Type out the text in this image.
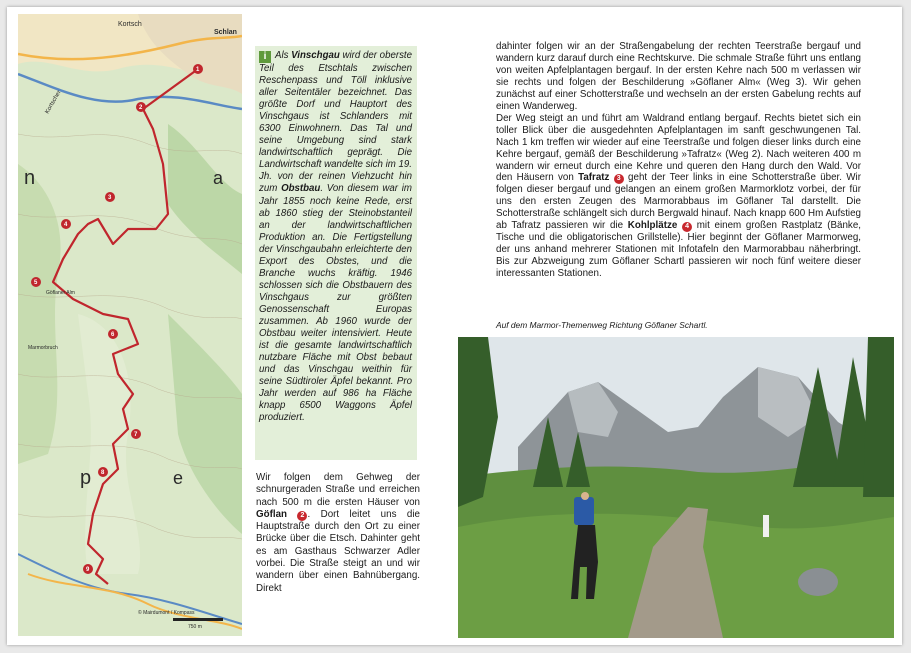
1
2
3
4
5
6
7
8
9
Kortsch
Schlan
Kortscher
Göflaner Alm
Marmorbruch
n
p	e
a
© Mairdumont / Kompass
750 m

i Als Vinschgau wird der oberste Teil des Etschtals zwischen Reschenpass und Töll inklusive aller Seitentäler bezeichnet. Das größte Dorf und Hauptort des Vinschgaus ist Schlanders mit 6300 Einwohnern. Das Tal und seine Umgebung sind stark landwirtschaftlich geprägt. Die Landwirtschaft wandelte sich im 19. Jh. von der reinen Viehzucht hin zum Obstbau. Von diesem war im Jahr 1855 noch keine Rede, erst ab 1860 stieg der Steinobstanteil an der landwirtschaftlichen Produktion an. Die Fertigstellung der Vinschgaubahn erleichterte den Export des Obstes, und die Branche wuchs kräftig. 1946 schlossen sich die Obstbauern des Vinschgaus zur größten Genossenschaft Europas zusammen. Ab 1960 wurde der Obstbau weiter intensiviert. Heute ist die gesamte landwirtschaftlich nutzbare Fläche mit Obst bebaut und das Vinschgau weithin für seine Südtiroler Äpfel bekannt. Pro Jahr werden auf 986 ha Fläche knapp 6500 Waggons Äpfel produziert.

Wir folgen dem Gehweg der schnurgeraden Straße und erreichen nach 500 m die ersten Häuser von Göflan 2 . Dort leitet uns die Hauptstraße durch den Ort zu einer Brücke über die Etsch. Dahinter geht es am Gasthaus Schwarzer Adler vorbei. Die Straße steigt an und wir wandern über einen Bahnübergang. Direkt

dahinter folgen wir an der Straßengabelung der rechten Teerstraße bergauf und wandern kurz darauf durch eine Rechtskurve. Die schmale Straße führt uns entlang von weiten Apfelplantagen bergauf. In der ersten Kehre nach 500 m verlassen wir sie rechts und folgen der Beschilderung »Göflaner Alm« (Weg 3). Wir gehen zunächst auf einer Schotterstraße und wechseln an der ersten Gabelung rechts auf einen Wanderweg.
Der Weg steigt an und führt am Waldrand entlang bergauf. Rechts bietet sich ein toller Blick über die ausgedehnten Apfelplantagen im sanft geschwungenen Tal. Nach 1 km treffen wir wieder auf eine Teerstraße und folgen dieser links durch eine Kehre bergauf, gemäß der Beschilderung »Tafratz« (Weg 2). Nach weiteren 400 m wandern wir erneut durch eine Kehre und queren den Hang durch den Wald. Vor den Häusern von Tafratz 3 geht der Teer links in eine Schotterstraße über. Wir folgen dieser bergauf und gelangen an einem großen Marmorklotz vorbei, der für uns den ersten Zeugen des Marmorabbaus im Göflaner Tal darstellt. Die Schotterstraße schlängelt sich durch Bergwald hinauf. Nach knapp 600 Hm Aufstieg ab Tafratz passieren wir die Kohlplätze 4 mit einem großen Rastplatz (Bänke, Tische und die obligatorischen Grillstelle). Hier beginnt der Göflaner Marmorweg, der uns anhand mehrerer Stationen mit Infotafeln den Marmorabbau näherbringt. Bis zur Abzweigung zum Göflaner Schartl passieren wir noch fünf weitere dieser interessanten Stationen.

Auf dem Marmor-Themenweg Richtung Göflaner Schartl.
